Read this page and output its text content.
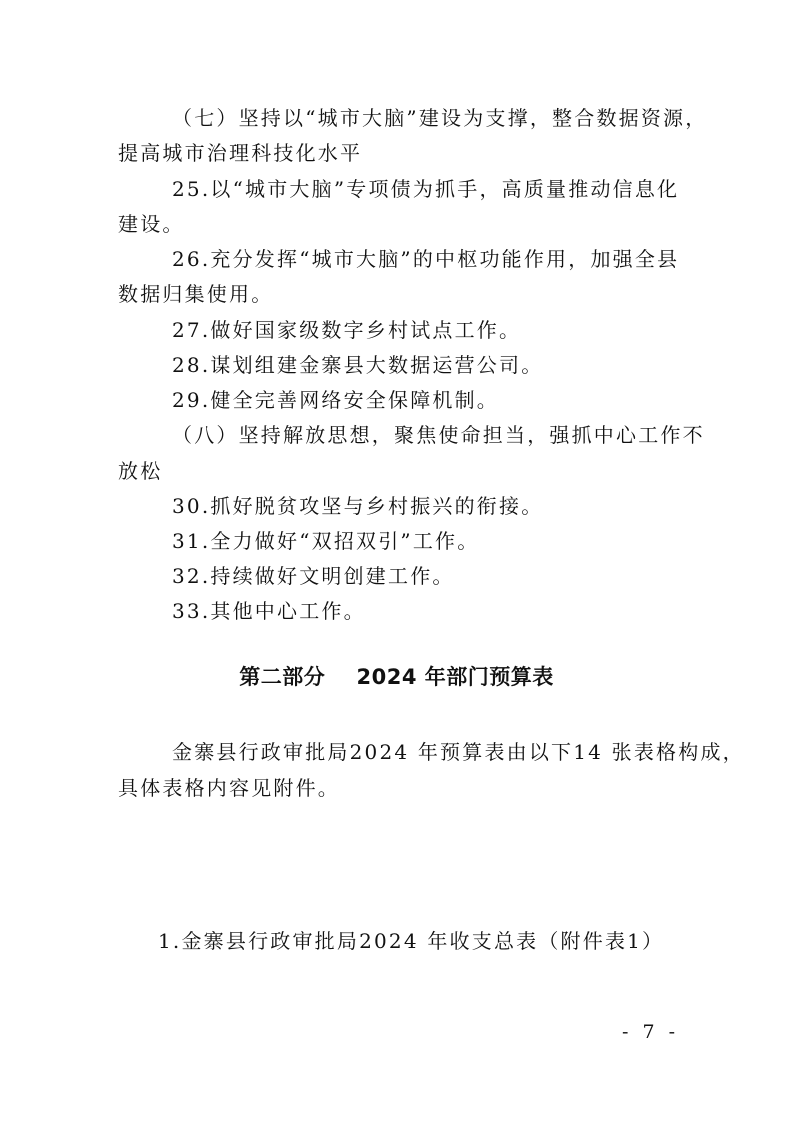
（七）坚持以“城市大脑”建设为支撑，整合数据资源，
提高城市治理科技化水平
25.以“城市大脑”专项债为抓手，高质量推动信息化
建设。
26.充分发挥“城市大脑”的中枢功能作用，加强全县
数据归集使用。
27.做好国家级数字乡村试点工作。
28.谋划组建金寨县大数据运营公司。
29.健全完善网络安全保障机制。
（八）坚持解放思想，聚焦使命担当，强抓中心工作不
放松
30.抓好脱贫攻坚与乡村振兴的衔接。
31.全力做好“双招双引”工作。
32.持续做好文明创建工作。
33.其他中心工作。
第二部分    2024 年部门预算表
金寨县行政审批局2024 年预算表由以下14 张表格构成，
具体表格内容见附件。
1.金寨县行政审批局2024 年收支总表（附件表1）
- 7 -
